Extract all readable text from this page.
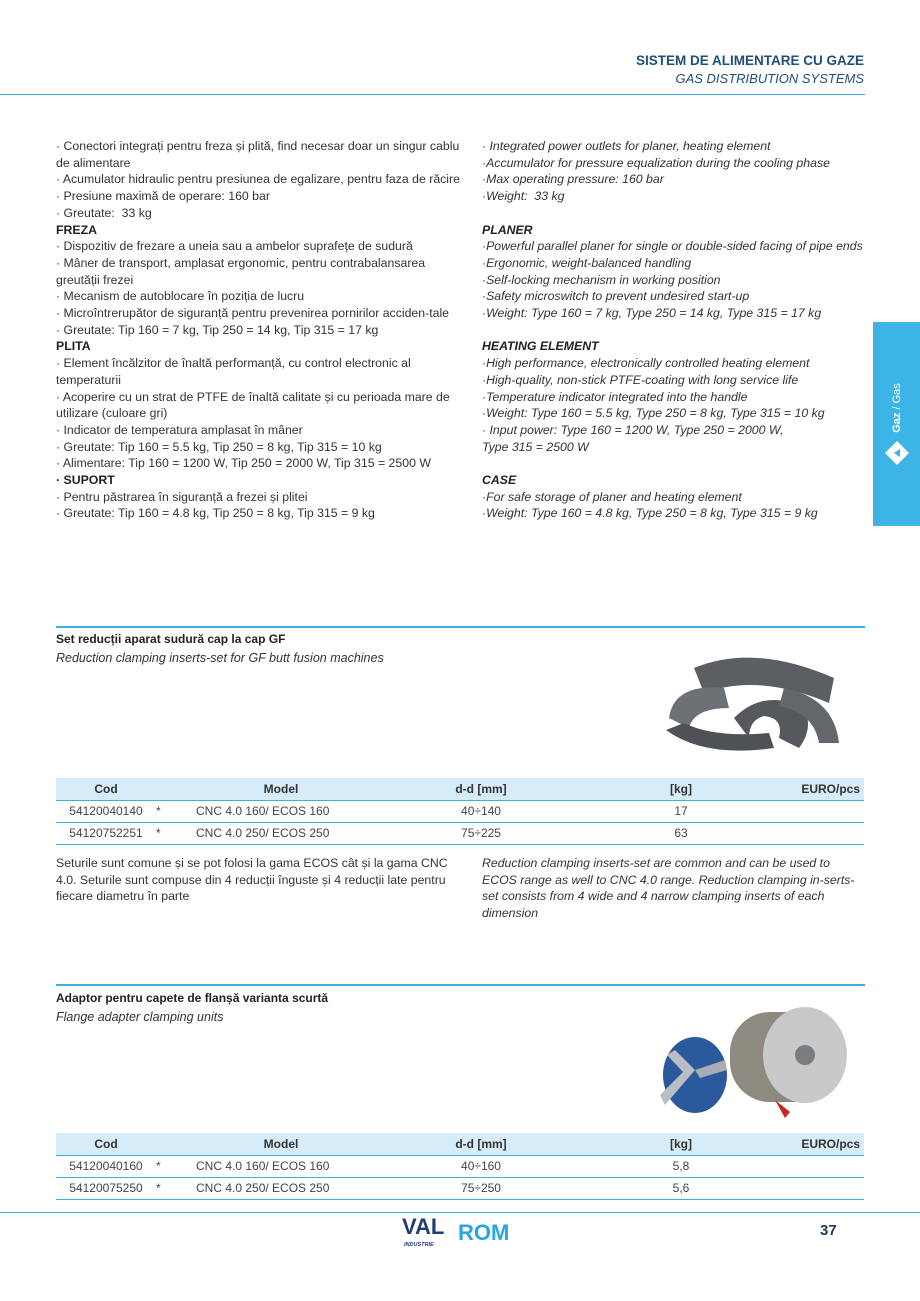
SISTEM DE ALIMENTARE CU GAZE
GAS DISTRIBUTION SYSTEMS
· Conectori integrați pentru freza și plită, find necesar doar un singur cablu de alimentare
· Acumulator hidraulic pentru presiunea de egalizare, pentru faza de răcire
· Presiune maximă de operare: 160 bar
· Greutate:  33 kg
FREZA
· Dispozitiv de frezare a uneia sau a ambelor suprafețe de sudură
· Mâner de transport, amplasat ergonomic, pentru contrabalansarea greutății frezei
· Mecanism de autoblocare în poziția de lucru
· Microîntrerupător de siguranță pentru prevenirea pornirilor acciden-tale
· Greutate: Tip 160 = 7 kg, Tip 250 = 14 kg, Tip 315 = 17 kg
PLITA
· Element încălzitor de înaltă performanță, cu control electronic al temperaturii
· Acoperire cu un strat de PTFE de înaltă calitate și cu perioada mare de utilizare (culoare gri)
· Indicator de temperatura amplasat în mâner
· Greutate: Tip 160 = 5.5 kg, Tip 250 = 8 kg, Tip 315 = 10 kg
· Alimentare: Tip 160 = 1200 W, Tip 250 = 2000 W, Tip 315 = 2500 W
· SUPORT
· Pentru păstrarea în siguranță a frezei și plitei
· Greutate: Tip 160 = 4.8 kg, Tip 250 = 8 kg, Tip 315 = 9 kg
· Integrated power outlets for planer, heating element
·Accumulator for pressure equalization during the cooling phase
·Max operating pressure: 160 bar
·Weight:  33 kg

PLANER
·Powerful parallel planer for single or double-sided facing of pipe ends
·Ergonomic, weight-balanced handling
·Self-locking mechanism in working position
·Safety microswitch to prevent undesired start-up
·Weight: Type 160 = 7 kg, Type 250 = 14 kg, Type 315 = 17 kg

HEATING ELEMENT
·High performance, electronically controlled heating element
·High-quality, non-stick PTFE-coating with long service life
·Temperature indicator integrated into the handle
·Weight: Type 160 = 5.5 kg, Type 250 = 8 kg, Type 315 = 10 kg
· Input power: Type 160 = 1200 W, Type 250 = 2000 W,
Type 315 = 2500 W

CASE
·For safe storage of planer and heating element
·Weight: Type 160 = 4.8 kg, Type 250 = 8 kg, Type 315 = 9 kg
Gaz / Gas
Set reducții aparat sudură cap la cap GF
Reduction clamping inserts-set for GF butt fusion machines
Cod		Model	d-d [mm]	[kg]	EURO/pcs
54120040140	*	CNC 4.0 160/ ECOS 160	40÷140	17	
54120752251	*	CNC 4.0 250/ ECOS 250	75÷225	63	
Seturile sunt comune și se pot folosi la gama ECOS cât și la gama CNC 4.0. Seturile sunt compuse din 4 reducții înguste și 4 reducții late pentru fiecare diametru în parte
Reduction clamping inserts-set are common and can be used to ECOS range as well to CNC 4.0 range. Reduction clamping in-serts-set consists from 4 wide and 4 narrow clamping inserts of each dimension
Adaptor pentru capete de flanșă varianta scurtă
Flange adapter clamping units
Cod		Model	d-d [mm]	[kg]	EURO/pcs
54120040160	*	CNC 4.0 160/ ECOS 160	40÷160	5,8	
54120075250	*	CNC 4.0 250/ ECOS 250	75÷250	5,6	
VAL ROM
INDUSTRIE
37
